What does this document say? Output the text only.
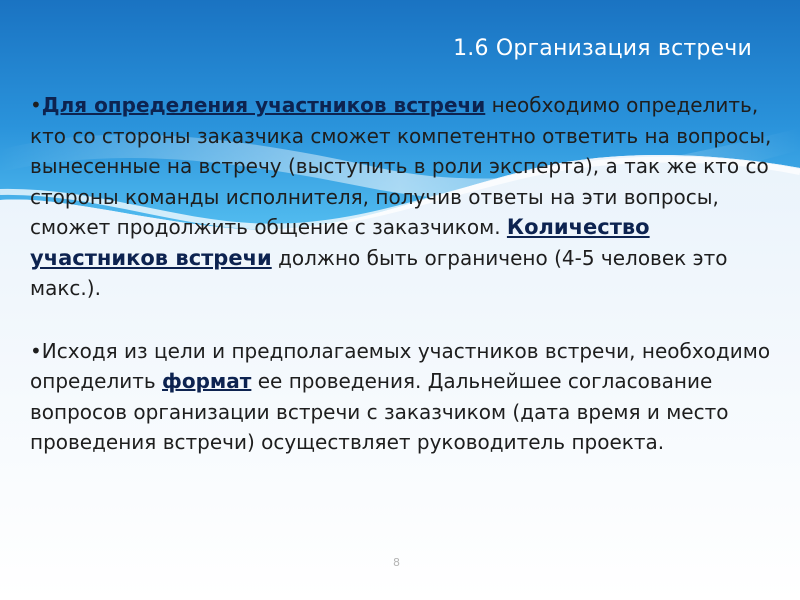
1.6 Организация встречи

•Для определения участников встречи необходимо определить, кто со стороны заказчика сможет компетентно ответить на вопросы, вынесенные на встречу (выступить в роли эксперта), а так же кто со стороны команды исполнителя, получив ответы на эти вопросы, сможет продолжить общение с заказчиком. Количество участников встречи должно быть ограничено (4-5 человек это макс.).

•Исходя из цели и предполагаемых участников встречи, необходимо определить формат ее проведения. Дальнейшее согласование вопросов организации встречи с заказчиком (дата время и место проведения встречи) осуществляет руководитель проекта.

8
